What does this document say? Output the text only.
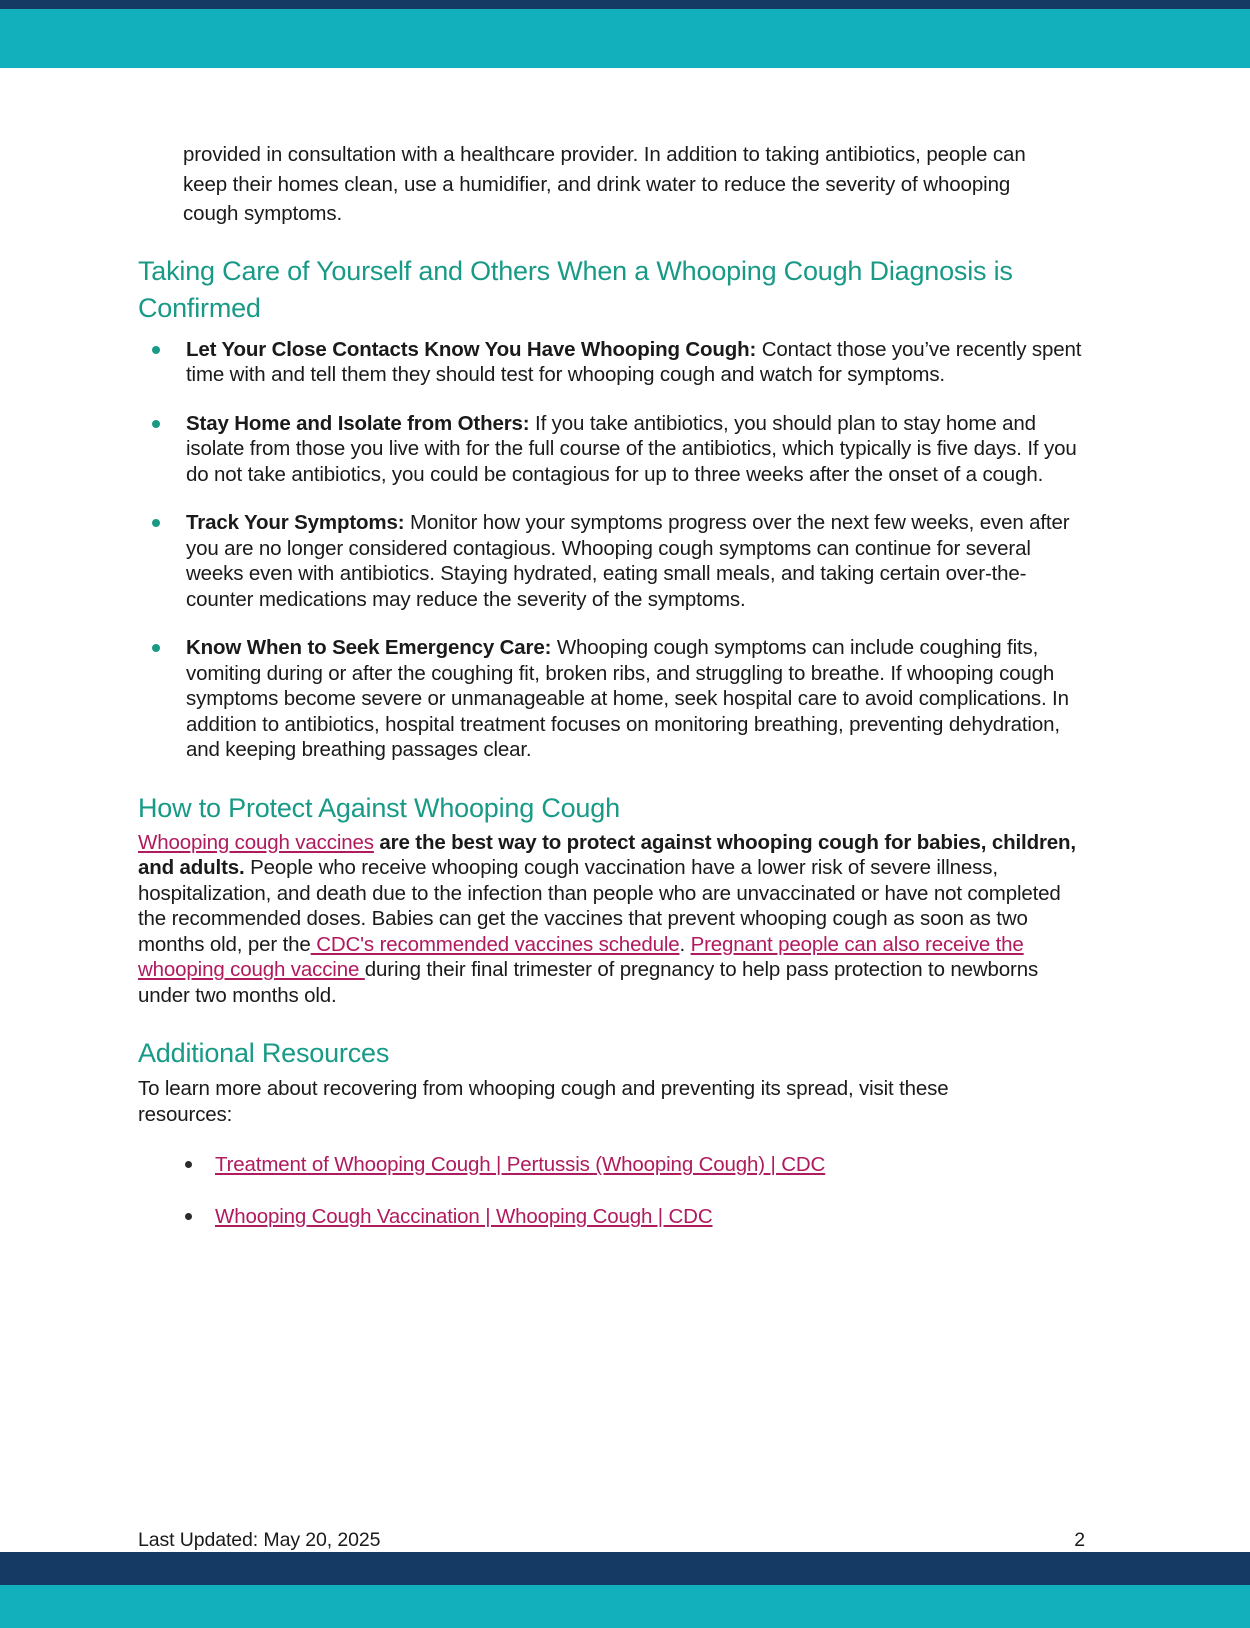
provided in consultation with a healthcare provider. In addition to taking antibiotics, people can keep their homes clean, use a humidifier, and drink water to reduce the severity of whooping cough symptoms.

Taking Care of Yourself and Others When a Whooping Cough Diagnosis is Confirmed
Let Your Close Contacts Know You Have Whooping Cough: Contact those you’ve recently spent time with and tell them they should test for whooping cough and watch for symptoms.
Stay Home and Isolate from Others: If you take antibiotics, you should plan to stay home and isolate from those you live with for the full course of the antibiotics, which typically is five days. If you do not take antibiotics, you could be contagious for up to three weeks after the onset of a cough.
Track Your Symptoms: Monitor how your symptoms progress over the next few weeks, even after you are no longer considered contagious. Whooping cough symptoms can continue for several weeks even with antibiotics. Staying hydrated, eating small meals, and taking certain over-the-counter medications may reduce the severity of the symptoms.
Know When to Seek Emergency Care: Whooping cough symptoms can include coughing fits, vomiting during or after the coughing fit, broken ribs, and struggling to breathe. If whooping cough symptoms become severe or unmanageable at home, seek hospital care to avoid complications. In addition to antibiotics, hospital treatment focuses on monitoring breathing, preventing dehydration, and keeping breathing passages clear.
How to Protect Against Whooping Cough

Whooping cough vaccines are the best way to protect against whooping cough for babies, children, and adults. People who receive whooping cough vaccination have a lower risk of severe illness, hospitalization, and death due to the infection than people who are unvaccinated or have not completed the recommended doses. Babies can get the vaccines that prevent whooping cough as soon as two months old, per the CDC's recommended vaccines schedule. Pregnant people can also receive the whooping cough vaccine during their final trimester of pregnancy to help pass protection to newborns under two months old.

Additional Resources

To learn more about recovering from whooping cough and preventing its spread, visit these resources:

Treatment of Whooping Cough | Pertussis (Whooping Cough) | CDC
Whooping Cough Vaccination | Whooping Cough | CDC
Last Updated: May 20, 2025	2
